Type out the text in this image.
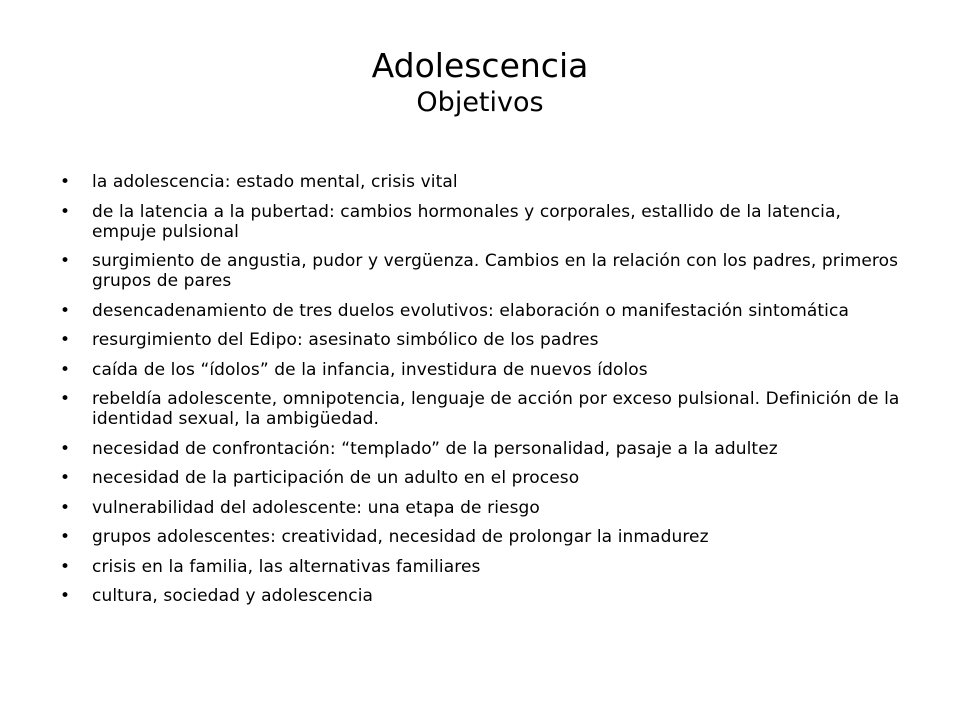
Adolescencia
Objetivos
• la adolescencia: estado mental, crisis vital
• de la latencia a la pubertad: cambios hormonales y corporales, estallido de la latencia, empuje pulsional
• surgimiento de angustia, pudor y vergüenza. Cambios en la relación con los padres, primeros grupos de pares
• desencadenamiento de tres duelos evolutivos: elaboración o manifestación sintomática
• resurgimiento del Edipo: asesinato simbólico de los padres
• caída de los “ídolos” de la infancia, investidura de nuevos ídolos
• rebeldía adolescente, omnipotencia, lenguaje de acción por exceso pulsional. Definición de la identidad sexual, la ambigüedad.
• necesidad de confrontación: “templado” de la personalidad, pasaje a la adultez
• necesidad de la participación de un adulto en el proceso
• vulnerabilidad del adolescente: una etapa de riesgo
• grupos adolescentes: creatividad, necesidad de prolongar la inmadurez
• crisis en la familia, las alternativas familiares
• cultura, sociedad y adolescencia
